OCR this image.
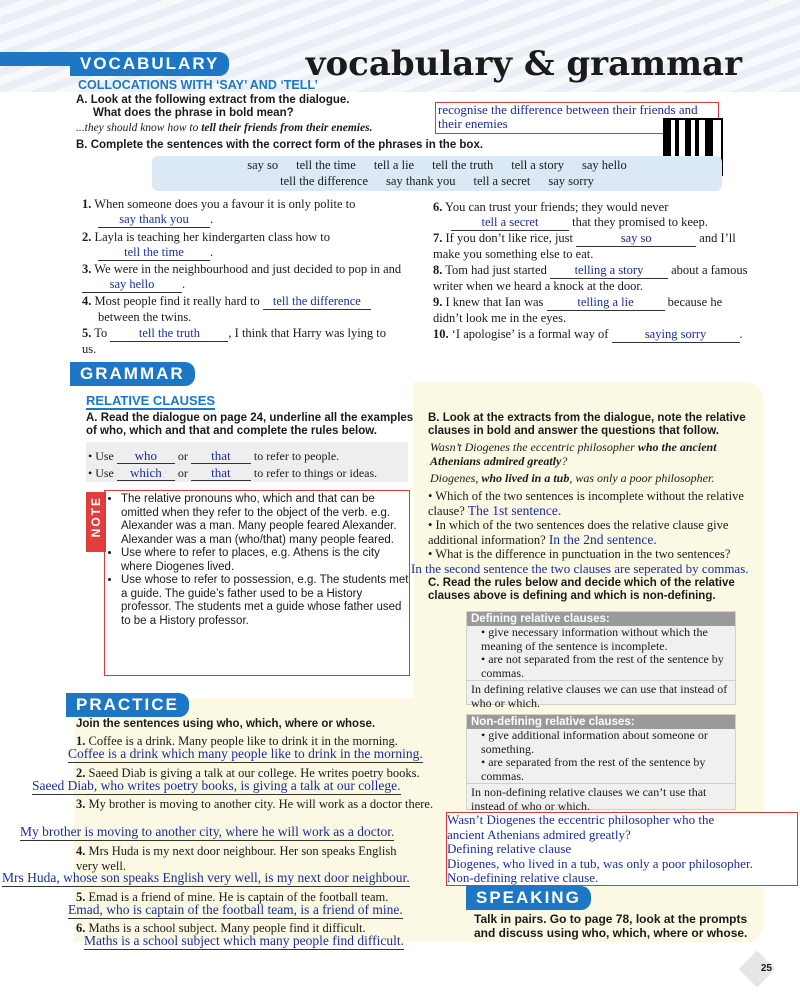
VOCABULARY	vocabulary & grammar
COLLOCATIONS WITH ‘SAY’ AND ‘TELL’
A. Look at the following extract from the dialogue.
What does the phrase in bold mean?
...they should know how to tell their friends from their enemies.
recognise the difference between their friends and their enemies
B. Complete the sentences with the correct form of the phrases in the box.
say so tell the time tell a lie tell the truth tell a story say hello
tell the difference say thank you tell a secret say sorry
1. When someone does you a favour it is only polite to
say thank you .
2. Layla is teaching her kindergarten class how to
tell the time .
3. We were in the neighbourhood and just decided to pop in and say hello .
4. Most people find it really hard to tell the difference between the twins.
5. To	tell the truth , I think that Harry was lying to us.
6. You can trust your friends; they would never
tell a secret	that they promised to keep.
7. If you don’t like rice, just	say so	and I’ll make you something else to eat.
8. Tom had just started telling a story about a famous writer when we heard a knock at the door.
9. I knew that Ian was	telling a lie	because he didn’t look me in the eyes.
10. ‘I apologise’ is a formal way of	saying sorry	.
GRAMMAR
RELATIVE CLAUSES
A. Read the dialogue on page 24, underline all the examples of who, which and that and complete the rules below.
• Use who or that to refer to people.
• Use which or that to refer to things or ideas.
NOTE
• The relative pronouns who, which and that can be omitted when they refer to the object of the verb. e.g. Alexander was a man. Many people feared Alexander. Alexander was a man (who/that) many people feared.
• Use where to refer to places, e.g. Athens is the city where Diogenes lived.
• Use whose to refer to possession, e.g. The students met a guide. The guide’s father used to be a History professor. The students met a guide whose father used to be a History professor.
B. Look at the extracts from the dialogue, note the relative clauses in bold and answer the questions that follow.
Wasn’t Diogenes the eccentric philosopher who the ancient Athenians admired greatly?
Diogenes, who lived in a tub, was only a poor philosopher.
• Which of the two sentences is incomplete without the relative clause? The 1st sentence.
• In which of the two sentences does the relative clause give additional information? In the 2nd sentence.
• What is the difference in punctuation in the two sentences?
In the second sentence the two clauses are seperated by commas.
C. Read the rules below and decide which of the relative clauses above is defining and which is non-defining.
Defining relative clauses:
• give necessary information without which the meaning of the sentence is incomplete.
• are not separated from the rest of the sentence by commas.
In defining relative clauses we can use that instead of who or which.
Non-defining relative clauses:
• give additional information about someone or something.
• are separated from the rest of the sentence by commas.
In non-defining relative clauses we can’t use that instead of who or which.
Wasn’t Diogenes the eccentric philosopher who the
ancient Athenians admired greatly?
Defining relative clause
Diogenes, who lived in a tub, was only a poor philosopher.
Non-defining relative clause.
PRACTICE
Join the sentences using who, which, where or whose.
1. Coffee is a drink. Many people like to drink it in the morning.
Coffee is a drink which many people like to drink in the morning.
2. Saeed Diab is giving a talk at our college. He writes poetry books.
Saeed Diab, who writes poetry books, is giving a talk at our college.
3. My brother is moving to another city. He will work as a doctor there.
My brother is moving to another city, where he will work as a doctor.
4. Mrs Huda is my next door neighbour. Her son speaks English very well.
Mrs Huda, whose son speaks English very well, is my next door neighbour.
5. Emad is a friend of mine. He is captain of the football team.
Emad, who is captain of the football team, is a friend of mine.
6. Maths is a school subject. Many people find it difficult.
Maths is a school subject which many people find difficult.
SPEAKING
Talk in pairs. Go to page 78, look at the prompts and discuss using who, which, where or whose.
25
